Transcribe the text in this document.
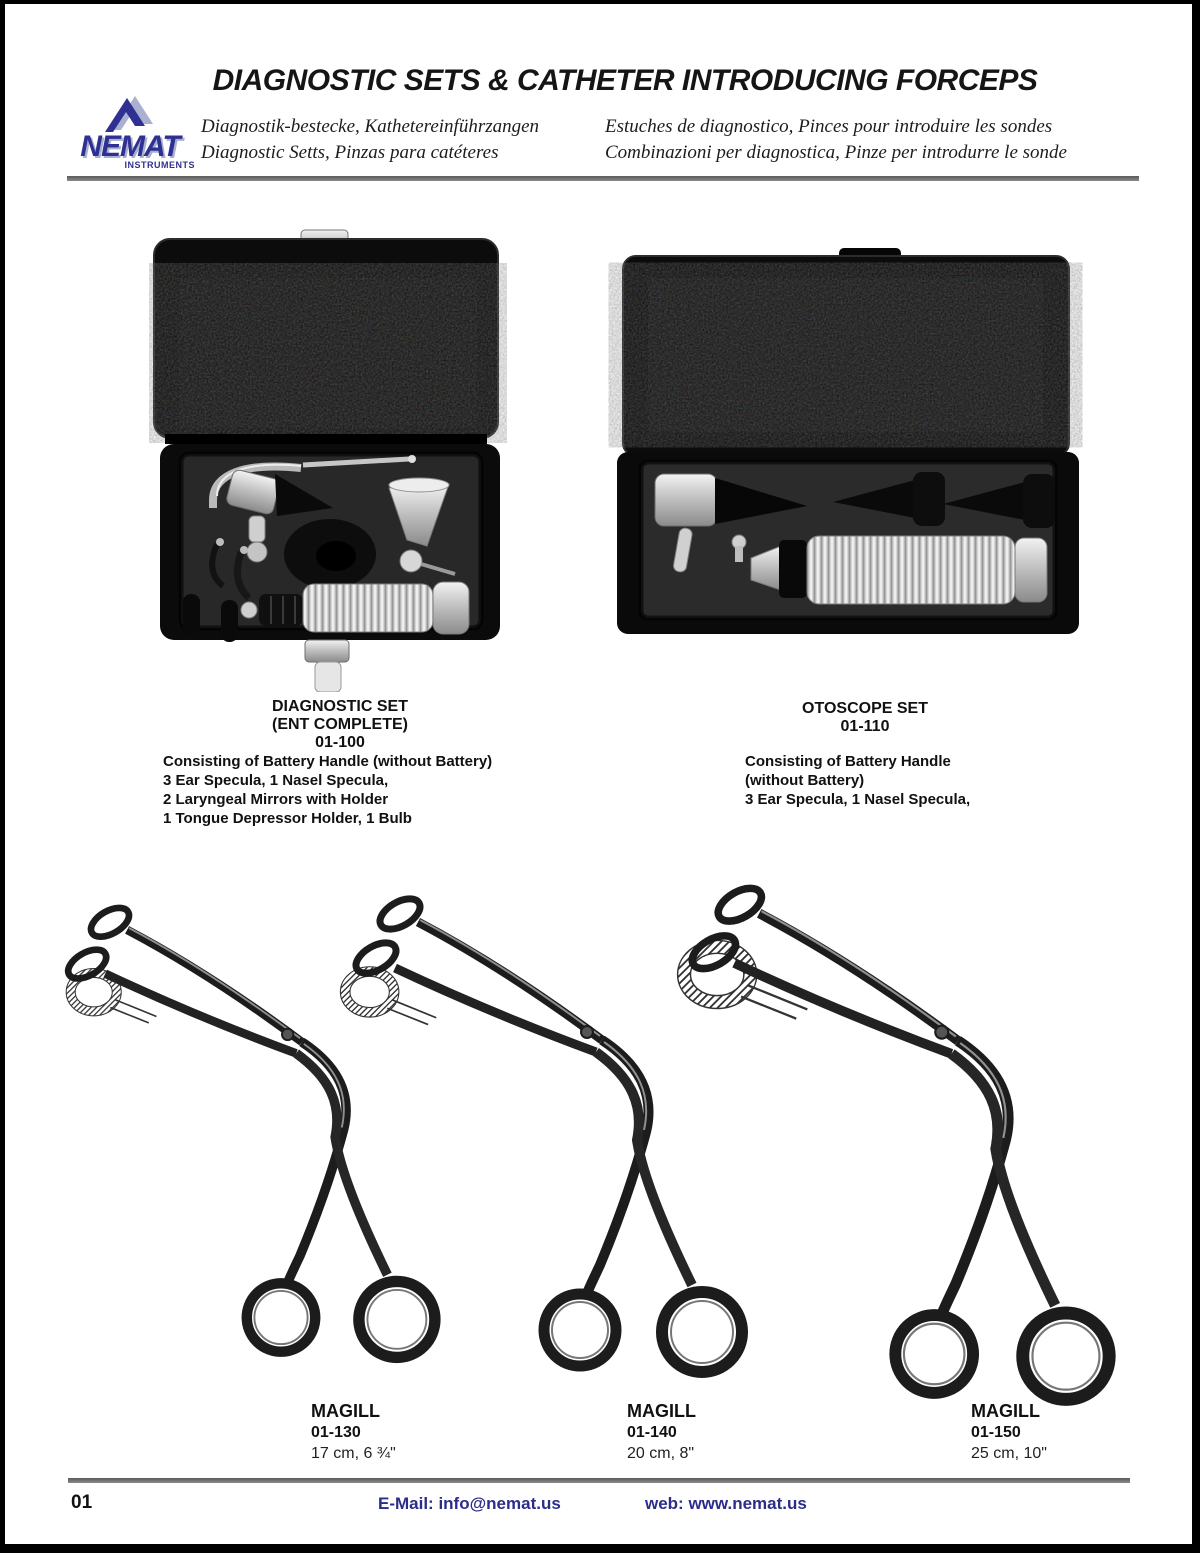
NEMAT
INSTRUMENTS
DIAGNOSTIC SETS & CATHETER INTRODUCING FORCEPS
Diagnostik-bestecke, Kathetereinführzangen
Diagnostic Setts, Pinzas para catéteres
Estuches de diagnostico, Pinces pour introduire les sondes
Combinazioni per diagnostica, Pinze per introdurre le sonde
DIAGNOSTIC SET
(ENT COMPLETE)
01-100
Consisting of Battery Handle (without Battery)
3 Ear Specula, 1 Nasel Specula,
2 Laryngeal Mirrors with Holder
1 Tongue Depressor Holder, 1 Bulb
OTOSCOPE SET
01-110
Consisting of Battery Handle
(without Battery)
3 Ear Specula, 1 Nasel Specula,
MAGILL
01-130
17 cm, 6 ¾"
MAGILL
01-140
20 cm, 8"
MAGILL
01-150
25 cm, 10"
01	E-Mail: info@nemat.us	web: www.nemat.us
